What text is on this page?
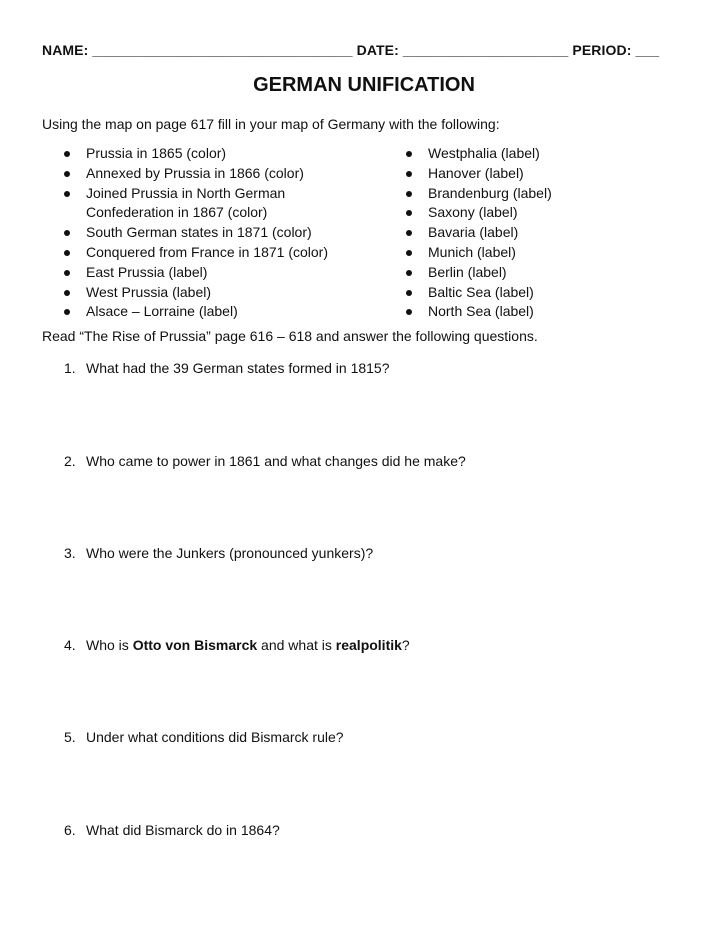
NAME: _________________________________ DATE: _____________________ PERIOD: ___
GERMAN UNIFICATION
Using the map on page 617 fill in your map of Germany with the following:
Prussia in 1865 (color)
Annexed by Prussia in 1866 (color)
Joined Prussia in North German
Confederation in 1867 (color)
South German states in 1871 (color)
Conquered from France in 1871 (color)
East Prussia (label)
West Prussia (label)
Alsace – Lorraine (label)
Westphalia (label)
Hanover (label)
Brandenburg (label)
Saxony (label)
Bavaria (label)
Munich (label)
Berlin (label)
Baltic Sea (label)
North Sea (label)
Read “The Rise of Prussia” page 616 – 618 and answer the following questions.
1. What had the 39 German states formed in 1815?
2. Who came to power in 1861 and what changes did he make?
3. Who were the Junkers (pronounced yunkers)?
4. Who is Otto von Bismarck and what is realpolitik?
5. Under what conditions did Bismarck rule?
6. What did Bismarck do in 1864?
